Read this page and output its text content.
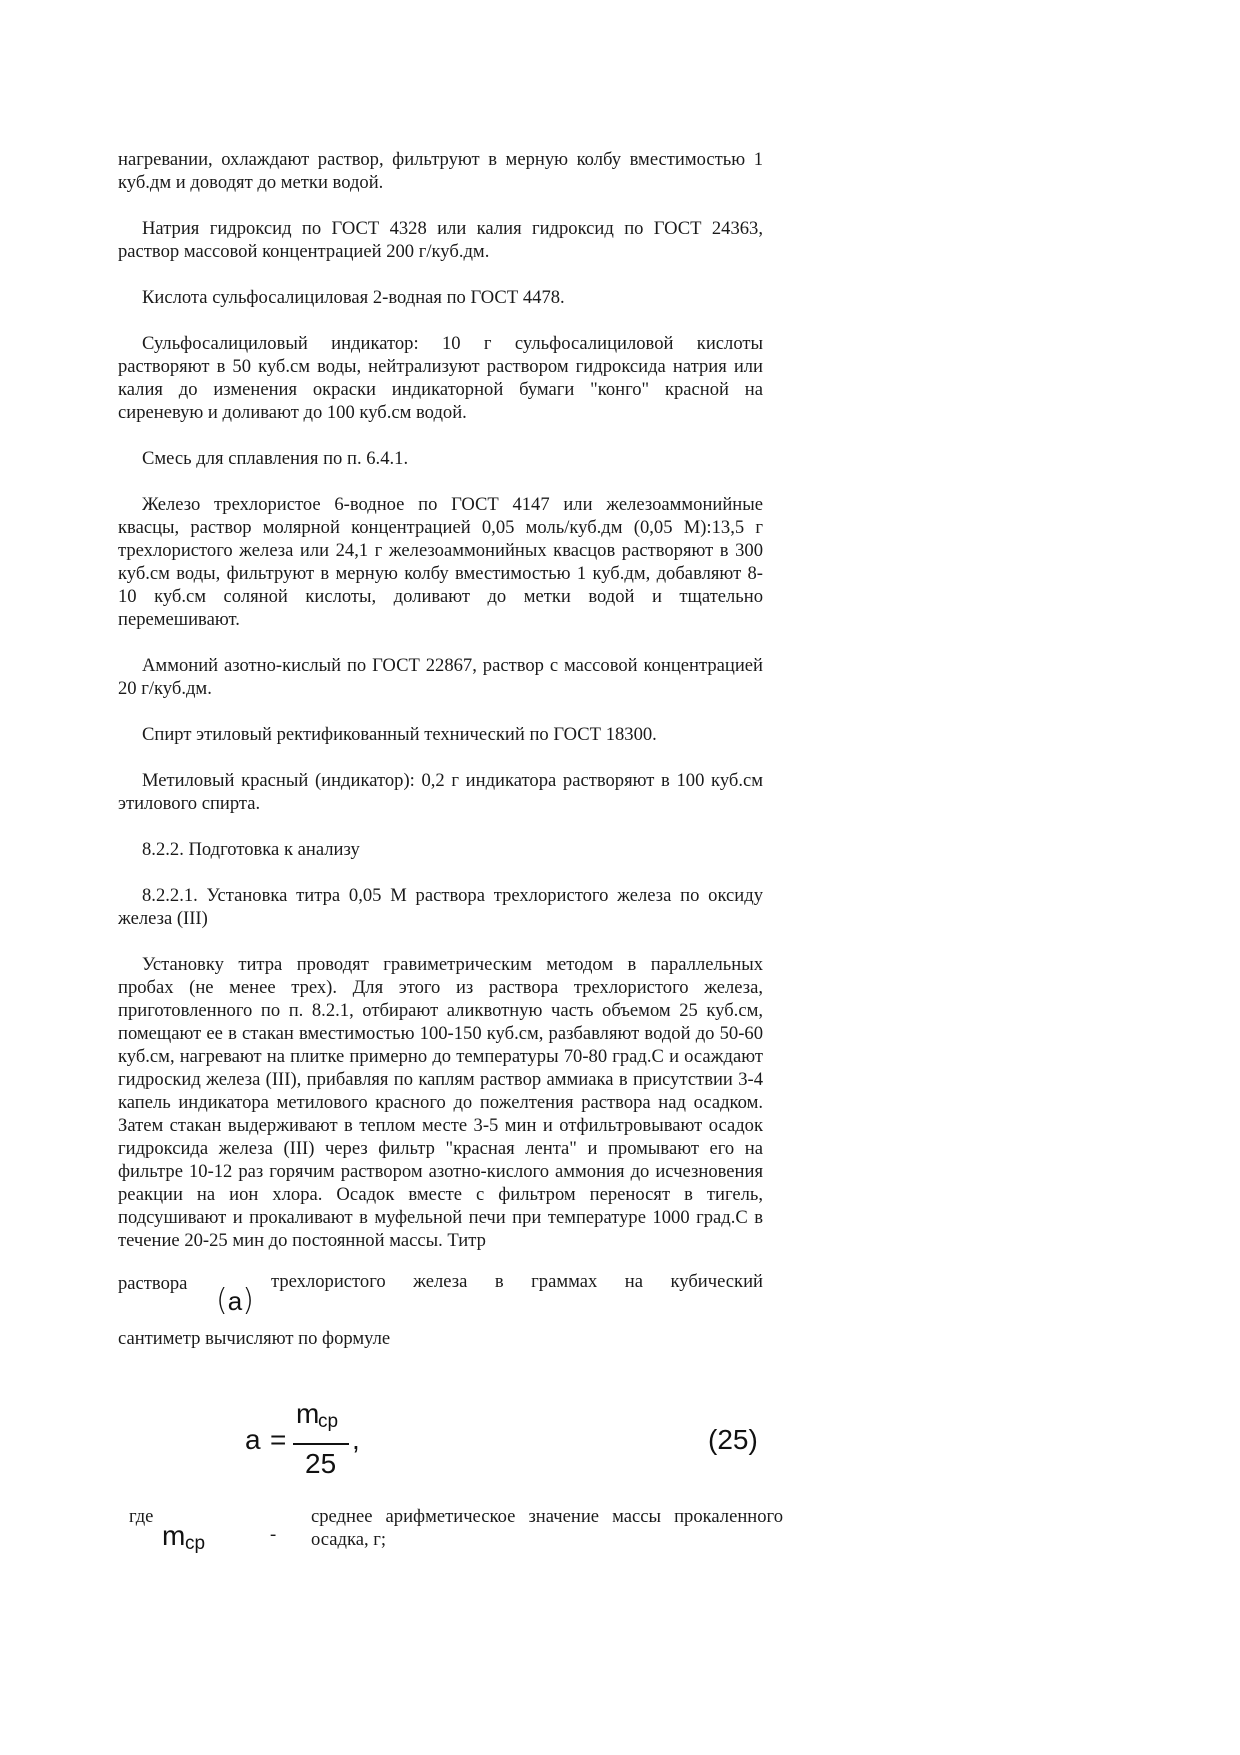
нагревании, охлаждают раствор, фильтруют в мерную колбу вместимостью 1 куб.дм и доводят до метки водой.

Натрия гидроксид по ГОСТ 4328 или калия гидроксид по ГОСТ 24363, раствор массовой концентрацией 200 г/куб.дм.

Кислота сульфосалициловая 2-водная по ГОСТ 4478.

Сульфосалициловый индикатор: 10 г сульфосалициловой кислоты растворяют в 50 куб.см воды, нейтрализуют раствором гидроксида натрия или калия до изменения окраски индикаторной бумаги "конго" красной на сиреневую и доливают до 100 куб.см водой.

Смесь для сплавления по п. 6.4.1.

Железо трехлористое 6-водное по ГОСТ 4147 или железоаммонийные квасцы, раствор молярной концентрацией 0,05 моль/куб.дм (0,05 М):13,5 г трехлористого железа или 24,1 г железоаммонийных квасцов растворяют в 300 куб.см воды, фильтруют в мерную колбу вместимостью 1 куб.дм, добавляют 8-10 куб.см соляной кислоты, доливают до метки водой и тщательно перемешивают.

Аммоний азотно-кислый по ГОСТ 22867, раствор с массовой концентрацией 20 г/куб.дм.

Спирт этиловый ректификованный технический по ГОСТ 18300.

Метиловый красный (индикатор): 0,2 г индикатора растворяют в 100 куб.см этилового спирта.

8.2.2. Подготовка к анализу

8.2.2.1. Установка титра 0,05 М раствора трехлористого железа по оксиду железа (III)

Установку титра проводят гравиметрическим методом в параллельных пробах (не менее трех). Для этого из раствора трехлористого железа, приготовленного по п. 8.2.1, отбирают аликвотную часть объемом 25 куб.см, помещают ее в стакан вместимостью 100-150 куб.см, разбавляют водой до 50-60 куб.см, нагревают на плитке примерно до температуры 70-80 град.С и осаждают гидроскид железа (III), прибавляя по каплям раствор аммиака в присутствии 3-4 капель индикатора метилового красного до пожелтения раствора над осадком. Затем стакан выдерживают в теплом месте 3-5 мин и отфильтровывают осадок гидроксида железа (III) через фильтр "красная лента" и промывают его на фильтре 10-12 раз горячим раствором азотно-кислого аммония до исчезновения реакции на ион хлора. Осадок вместе с фильтром переносят в тигель, подсушивают и прокаливают в муфельной печи при температуре 1000 град.С в течение 20-25 мин до постоянной массы. Титр

раствора	трехлористого железа в граммах на кубический
(a)
сантиметр вычисляют по формуле
a =
m
ср
25
,	(25)
где
m ср	-
среднее арифметическое значение массы прокаленного осадка, г;
